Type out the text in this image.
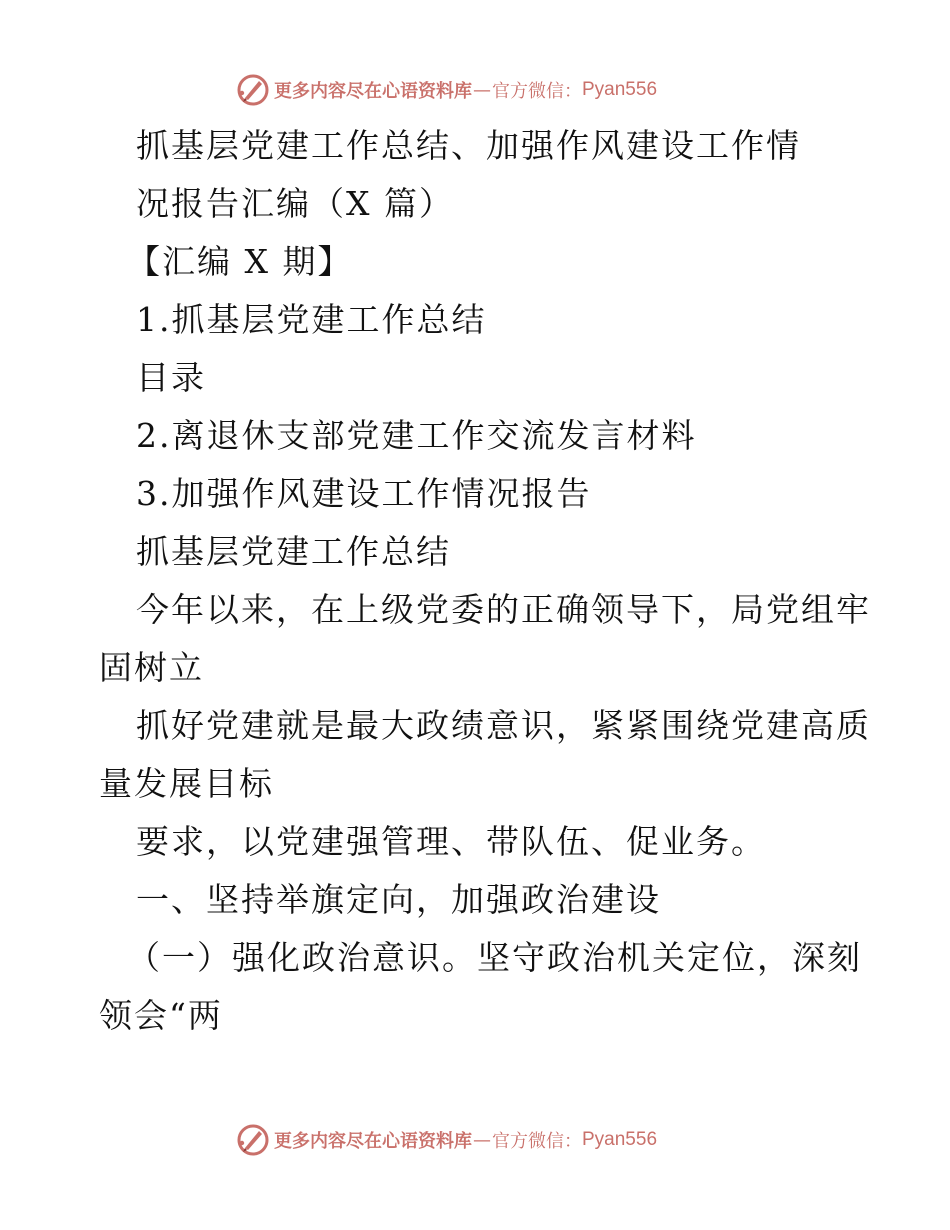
更多内容尽在心语资料库 — 官方微信： Pyan556
抓基层党建工作总结、加强作风建设工作情
况报告汇编（X 篇）
【汇编 X 期】
1.抓基层党建工作总结
目录
2.离退休支部党建工作交流发言材料
3.加强作风建设工作情况报告
抓基层党建工作总结
今年以来，在上级党委的正确领导下，局党组牢
固树立
抓好党建就是最大政绩意识，紧紧围绕党建高质
量发展目标
要求，以党建强管理、带队伍、促业务。
一、坚持举旗定向，加强政治建设
（一）强化政治意识。坚守政治机关定位，深刻
领会“两
更多内容尽在心语资料库 — 官方微信： Pyan556
